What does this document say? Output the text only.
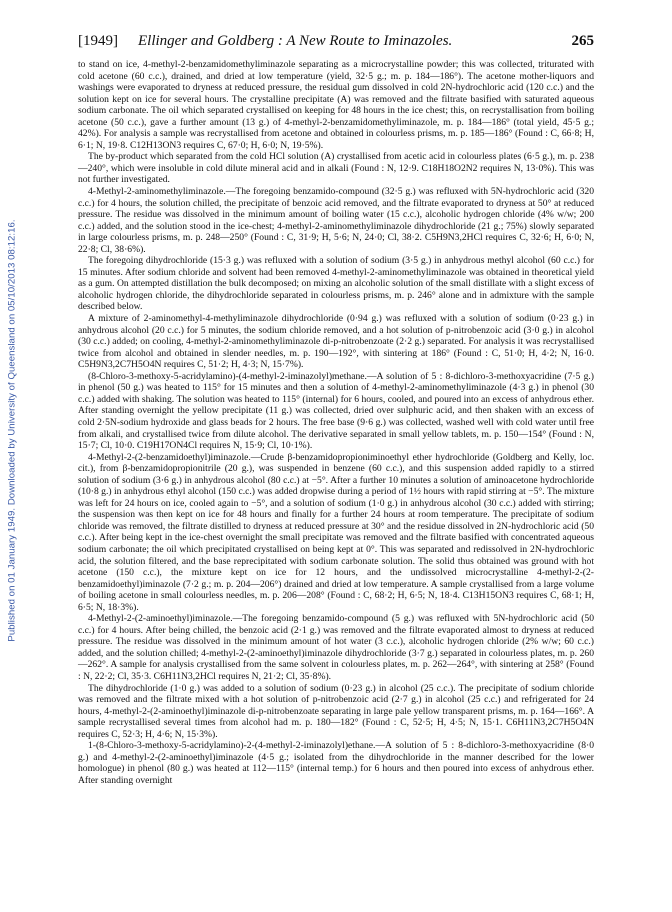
Published on 01 January 1949. Downloaded by University of Queensland on 05/10/2013 08:12:16.
[1949]	Ellinger and Goldberg : A New Route to Iminazoles.	265

to stand on ice, 4-methyl-2-benzamidomethyliminazole separating as a microcrystalline powder; this was collected, triturated with cold acetone (60 c.c.), drained, and dried at low temperature (yield, 32·5 g.; m. p. 184—186°). The acetone mother-liquors and washings were evaporated to dryness at reduced pressure, the residual gum dissolved in cold 2N-hydrochloric acid (120 c.c.) and the solution kept on ice for several hours. The crystalline precipitate (A) was removed and the filtrate basified with saturated aqueous sodium carbonate. The oil which separated crystallised on keeping for 48 hours in the ice chest; this, on recrystallisation from boiling acetone (50 c.c.), gave a further amount (13 g.) of 4-methyl-2-benzamidomethyliminazole, m. p. 184—186° (total yield, 45·5 g.; 42%). For analysis a sample was recrystallised from acetone and obtained in colourless prisms, m. p. 185—186° (Found : C, 66·8; H, 6·1; N, 19·8. C12H13ON3 requires C, 67·0; H, 6·0; N, 19·5%).

The by-product which separated from the cold HCl solution (A) crystallised from acetic acid in colourless plates (6·5 g.), m. p. 238—240°, which were insoluble in cold dilute mineral acid and in alkali (Found : N, 12·9. C18H18O2N2 requires N, 13·0%). This was not further investigated.

4-Methyl-2-aminomethyliminazole.—The foregoing benzamido-compound (32·5 g.) was refluxed with 5N-hydrochloric acid (320 c.c.) for 4 hours, the solution chilled, the precipitate of benzoic acid removed, and the filtrate evaporated to dryness at 50° at reduced pressure. The residue was dissolved in the minimum amount of boiling water (15 c.c.), alcoholic hydrogen chloride (4% w/w; 200 c.c.) added, and the solution stood in the ice-chest; 4-methyl-2-aminomethyliminazole dihydrochloride (21 g.; 75%) slowly separated in large colourless prisms, m. p. 248—250° (Found : C, 31·9; H, 5·6; N, 24·0; Cl, 38·2. C5H9N3,2HCl requires C, 32·6; H, 6·0; N, 22·8; Cl, 38·6%).

The foregoing dihydrochloride (15·3 g.) was refluxed with a solution of sodium (3·5 g.) in anhydrous methyl alcohol (60 c.c.) for 15 minutes. After sodium chloride and solvent had been removed 4-methyl-2-aminomethyliminazole was obtained in theoretical yield as a gum. On attempted distillation the bulk decomposed; on mixing an alcoholic solution of the small distillate with a slight excess of alcoholic hydrogen chloride, the dihydrochloride separated in colourless prisms, m. p. 246° alone and in admixture with the sample described below.

A mixture of 2-aminomethyl-4-methyliminazole dihydrochloride (0·94 g.) was refluxed with a solution of sodium (0·23 g.) in anhydrous alcohol (20 c.c.) for 5 minutes, the sodium chloride removed, and a hot solution of p-nitrobenzoic acid (3·0 g.) in alcohol (30 c.c.) added; on cooling, 4-methyl-2-aminomethyliminazole di-p-nitrobenzoate (2·2 g.) separated. For analysis it was recrystallised twice from alcohol and obtained in slender needles, m. p. 190—192°, with sintering at 186° (Found : C, 51·0; H, 4·2; N, 16·0. C5H9N3,2C7H5O4N requires C, 51·2; H, 4·3; N, 15·7%).

(8-Chloro-3-methoxy-5-acridylamino)-(4-methyl-2-iminazolyl)methane.—A solution of 5 : 8-dichloro-3-methoxyacridine (7·5 g.) in phenol (50 g.) was heated to 115° for 15 minutes and then a solution of 4-methyl-2-aminomethyliminazole (4·3 g.) in phenol (30 c.c.) added with shaking. The solution was heated to 115° (internal) for 6 hours, cooled, and poured into an excess of anhydrous ether. After standing overnight the yellow precipitate (11 g.) was collected, dried over sulphuric acid, and then shaken with an excess of cold 2·5N-sodium hydroxide and glass beads for 2 hours. The free base (9·6 g.) was collected, washed well with cold water until free from alkali, and crystallised twice from dilute alcohol. The derivative separated in small yellow tablets, m. p. 150—154° (Found : N, 15·7; Cl, 10·0. C19H17ON4Cl requires N, 15·9; Cl, 10·1%).

4-Methyl-2-(2-benzamidoethyl)iminazole.—Crude β-benzamidopropioniminoethyl ether hydrochloride (Goldberg and Kelly, loc. cit.), from β-benzamidopropionitrile (20 g.), was suspended in benzene (60 c.c.), and this suspension added rapidly to a stirred solution of sodium (3·6 g.) in anhydrous alcohol (80 c.c.) at −5°. After a further 10 minutes a solution of aminoacetone hydrochloride (10·8 g.) in anhydrous ethyl alcohol (150 c.c.) was added dropwise during a period of 1½ hours with rapid stirring at −5°. The mixture was left for 24 hours on ice, cooled again to −5°, and a solution of sodium (1·0 g.) in anhydrous alcohol (30 c.c.) added with stirring; the suspension was then kept on ice for 48 hours and finally for a further 24 hours at room temperature. The precipitate of sodium chloride was removed, the filtrate distilled to dryness at reduced pressure at 30° and the residue dissolved in 2N-hydrochloric acid (50 c.c.). After being kept in the ice-chest overnight the small precipitate was removed and the filtrate basified with concentrated aqueous sodium carbonate; the oil which precipitated crystallised on being kept at 0°. This was separated and redissolved in 2N-hydrochloric acid, the solution filtered, and the base reprecipitated with sodium carbonate solution. The solid thus obtained was ground with hot acetone (150 c.c.), the mixture kept on ice for 12 hours, and the undissolved microcrystalline 4-methyl-2-(2-benzamidoethyl)iminazole (7·2 g.; m. p. 204—206°) drained and dried at low temperature. A sample crystallised from a large volume of boiling acetone in small colourless needles, m. p. 206—208° (Found : C, 68·2; H, 6·5; N, 18·4. C13H15ON3 requires C, 68·1; H, 6·5; N, 18·3%).

4-Methyl-2-(2-aminoethyl)iminazole.—The foregoing benzamido-compound (5 g.) was refluxed with 5N-hydrochloric acid (50 c.c.) for 4 hours. After being chilled, the benzoic acid (2·1 g.) was removed and the filtrate evaporated almost to dryness at reduced pressure. The residue was dissolved in the minimum amount of hot water (3 c.c.), alcoholic hydrogen chloride (2% w/w; 60 c.c.) added, and the solution chilled; 4-methyl-2-(2-aminoethyl)iminazole dihydrochloride (3·7 g.) separated in colourless plates, m. p. 260—262°. A sample for analysis crystallised from the same solvent in colourless plates, m. p. 262—264°, with sintering at 258° (Found : N, 22·2; Cl, 35·3. C6H11N3,2HCl requires N, 21·2; Cl, 35·8%).

The dihydrochloride (1·0 g.) was added to a solution of sodium (0·23 g.) in alcohol (25 c.c.). The precipitate of sodium chloride was removed and the filtrate mixed with a hot solution of p-nitrobenzoic acid (2·7 g.) in alcohol (25 c.c.) and refrigerated for 24 hours, 4-methyl-2-(2-aminoethyl)iminazole di-p-nitrobenzoate separating in large pale yellow transparent prisms, m. p. 164—166°. A sample recrystallised several times from alcohol had m. p. 180—182° (Found : C, 52·5; H, 4·5; N, 15·1. C6H11N3,2C7H5O4N requires C, 52·3; H, 4·6; N, 15·3%).

1-(8-Chloro-3-methoxy-5-acridylamino)-2-(4-methyl-2-iminazolyl)ethane.—A solution of 5 : 8-dichloro-3-methoxyacridine (8·0 g.) and 4-methyl-2-(2-aminoethyl)iminazole (4·5 g.; isolated from the dihydrochloride in the manner described for the lower homologue) in phenol (80 g.) was heated at 112—115° (internal temp.) for 6 hours and then poured into excess of anhydrous ether. After standing overnight
